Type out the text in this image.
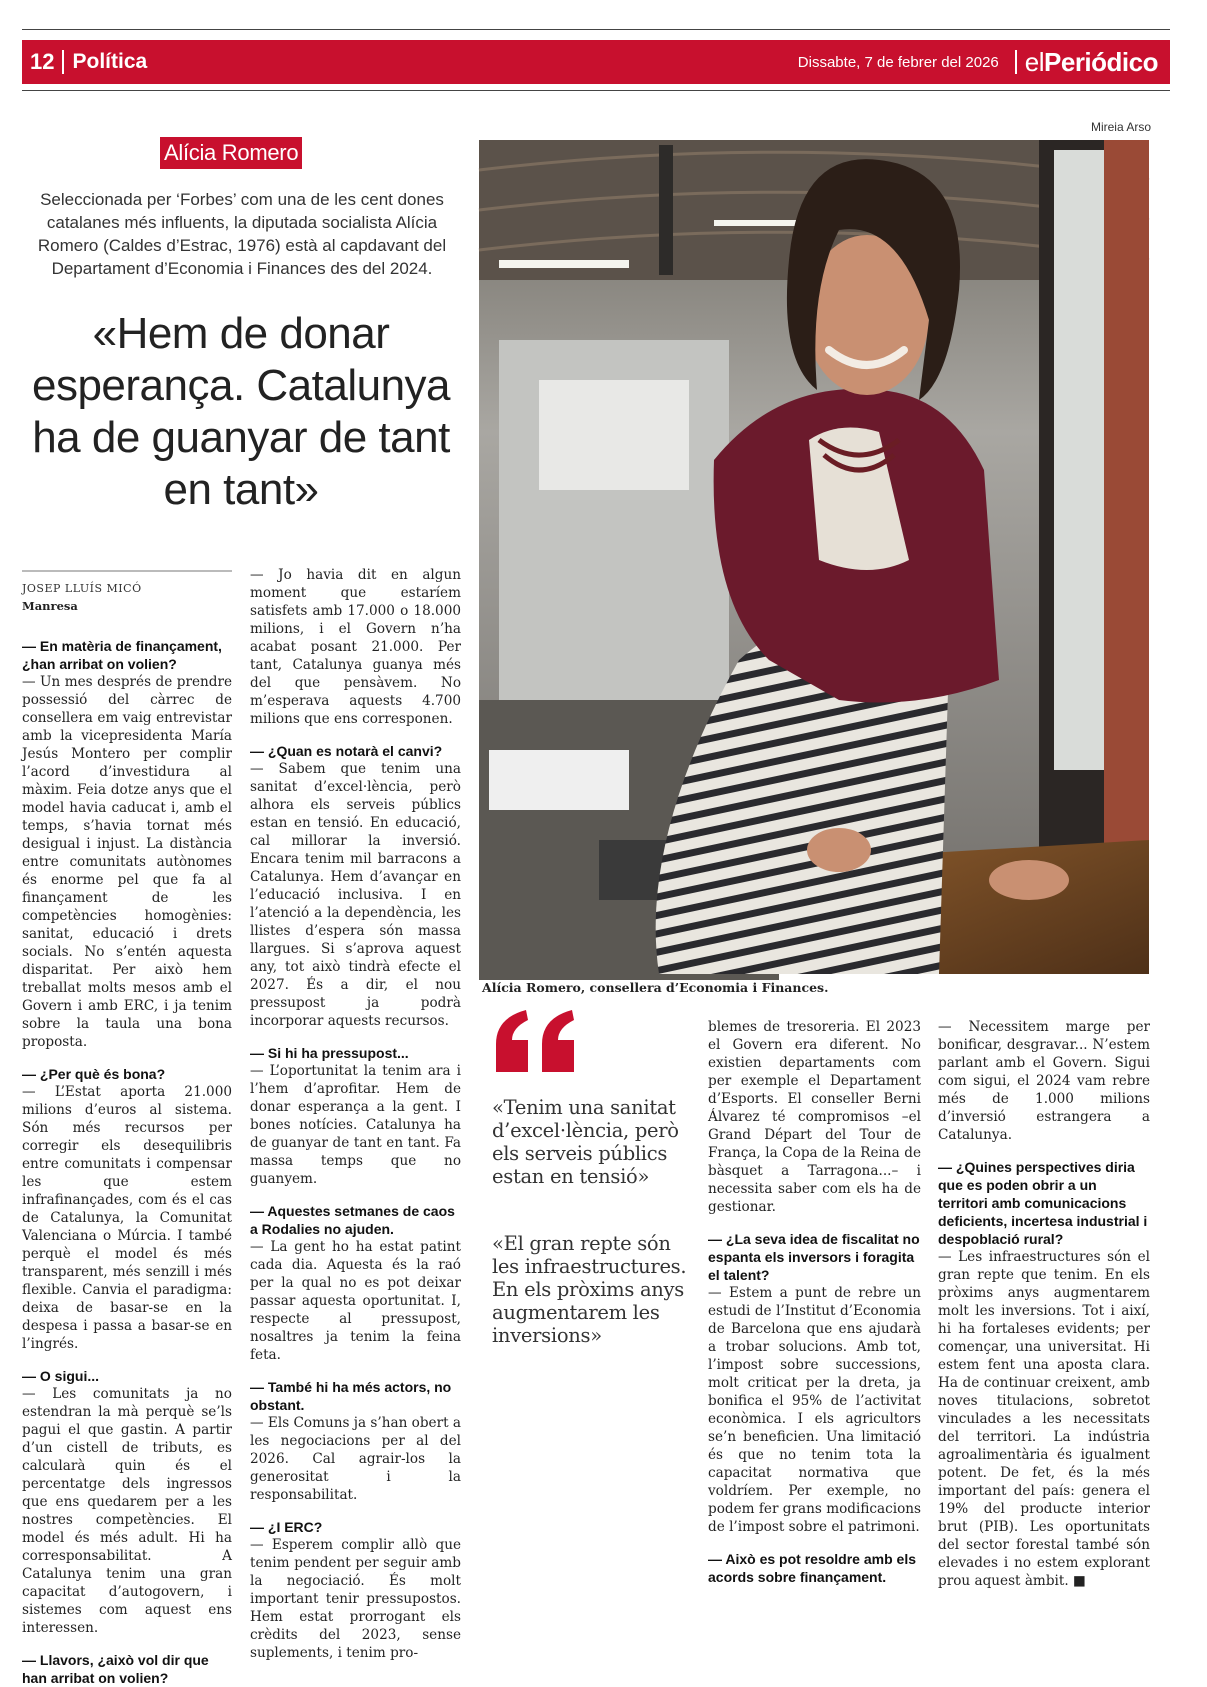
12 Política	Dissabte, 7 de febrer del 2026 elPeriódico
Mireia Arso
Alícia Romero
Seleccionada per ‘Forbes’ com una de les cent dones catalanes més influents, la diputada socialista Alícia Romero (Caldes d’Estrac, 1976) està al capdavant del Departament d’Economia i Finances des del 2024.
«Hem de donar esperança. Catalunya ha de guanyar de tant en tant»
Alícia Romero, consellera d’Economia i Finances.
JOSEP LLUÍS MICÓ
Manresa
— En matèria de finançament, ¿han arribat on volien?

— Un mes després de prendre possessió del càrrec de consellera em vaig entrevistar amb la vicepresidenta María Jesús Montero per complir l’acord d’investidura al màxim. Feia dotze anys que el model havia caducat i, amb el temps, s’havia tornat més desigual i injust. La distància entre comunitats autònomes és enorme pel que fa al finançament de les competències homogènies: sanitat, educació i drets socials. No s’entén aquesta disparitat. Per això hem treballat molts mesos amb el Govern i amb ERC, i ja tenim sobre la taula una bona proposta.

— ¿Per què és bona?

— L’Estat aporta 21.000 milions d’euros al sistema. Són més recursos per corregir els desequilibris entre comunitats i compensar les que estem infrafinançades, com és el cas de Catalunya, la Comunitat Valenciana o Múrcia. I també perquè el model és més transparent, més senzill i més flexible. Canvia el paradigma: deixa de basar-se en la despesa i passa a basar-se en l’ingrés.

— O sigui...

— Les comunitats ja no estendran la mà perquè se’ls pagui el que gastin. A partir d’un cistell de tributs, es calcularà quin és el percentatge dels ingressos que ens quedarem per a les nostres competències. El model és més adult. Hi ha corresponsabilitat. A Catalunya tenim una gran capacitat d’autogovern, i sistemes com aquest ens interessen.

— Llavors, ¿això vol dir que han arribat on volien?

— Jo havia dit en algun moment que estaríem satisfets amb 17.000 o 18.000 milions, i el Govern n’ha acabat posant 21.000. Per tant, Catalunya guanya més del que pensàvem. No m’esperava aquests 4.700 milions que ens corresponen.

— ¿Quan es notarà el canvi?

— Sabem que tenim una sanitat d’excel·lència, però alhora els serveis públics estan en tensió. En educació, cal millorar la inversió. Encara tenim mil barracons a Catalunya. Hem d’avançar en l’educació inclusiva. I en l’atenció a la dependència, les llistes d’espera són massa llargues. Si s’aprova aquest any, tot això tindrà efecte el 2027. És a dir, el nou pressupost ja podrà incorporar aquests recursos.

— Si hi ha pressupost...

— L’oportunitat la tenim ara i l’hem d’aprofitar. Hem de donar esperança a la gent. I bones notícies. Catalunya ha de guanyar de tant en tant. Fa massa temps que no guanyem.

— Aquestes setmanes de caos a Rodalies no ajuden.

— La gent ho ha estat patint cada dia. Aquesta és la raó per la qual no es pot deixar passar aquesta oportunitat. I, respecte al pressupost, nosaltres ja tenim la feina feta.

— També hi ha més actors, no obstant.

— Els Comuns ja s’han obert a les negociacions per al del 2026. Cal agrair-los la generositat i la responsabilitat.

— ¿I ERC?

— Esperem complir allò que tenim pendent per seguir amb la negociació. És molt important tenir pressupostos. Hem estat prorrogant els crèdits del 2023, sense suplements, i tenim pro-

«Tenim una sanitat d’excel·lència, però els serveis públics estan en tensió»
«El gran repte són les infraestructures. En els pròxims anys augmentarem les inversions»

blemes de tresoreria. El 2023 el Govern era diferent. No existien departaments com per exemple el Departament d’Esports. El conseller Berni Álvarez té compromisos –el Grand Départ del Tour de França, la Copa de la Reina de bàsquet a Tarragona...– i necessita saber com els ha de gestionar.

— ¿La seva idea de fiscalitat no espanta els inversors i foragita el talent?

— Estem a punt de rebre un estudi de l’Institut d’Economia de Barcelona que ens ajudarà a trobar solucions. Amb tot, l’impost sobre successions, molt criticat per la dreta, ja bonifica el 95% de l’activitat econòmica. I els agricultors se’n beneficien. Una limitació és que no tenim tota la capacitat normativa que voldríem. Per exemple, no podem fer grans modificacions de l’impost sobre el patrimoni.

— Això es pot resoldre amb els acords sobre finançament.

— Necessitem marge per bonificar, desgravar... N’estem parlant amb el Govern. Sigui com sigui, el 2024 vam rebre més de 1.000 milions d’inversió estrangera a Catalunya.

— ¿Quines perspectives diria que es poden obrir a un territori amb comunicacions deficients, incertesa industrial i despoblació rural?

— Les infraestructures són el gran repte que tenim. En els pròxims anys augmentarem molt les inversions. Tot i així, hi ha fortaleses evidents; per començar, una universitat. Hi estem fent una aposta clara. Ha de continuar creixent, amb noves titulacions, sobretot vinculades a les necessitats del territori. La indústria agroalimentària és igualment potent. De fet, és la més important del país: genera el 19% del producte interior brut (PIB). Les oportunitats del sector forestal també són elevades i no estem explorant prou aquest àmbit. ■
